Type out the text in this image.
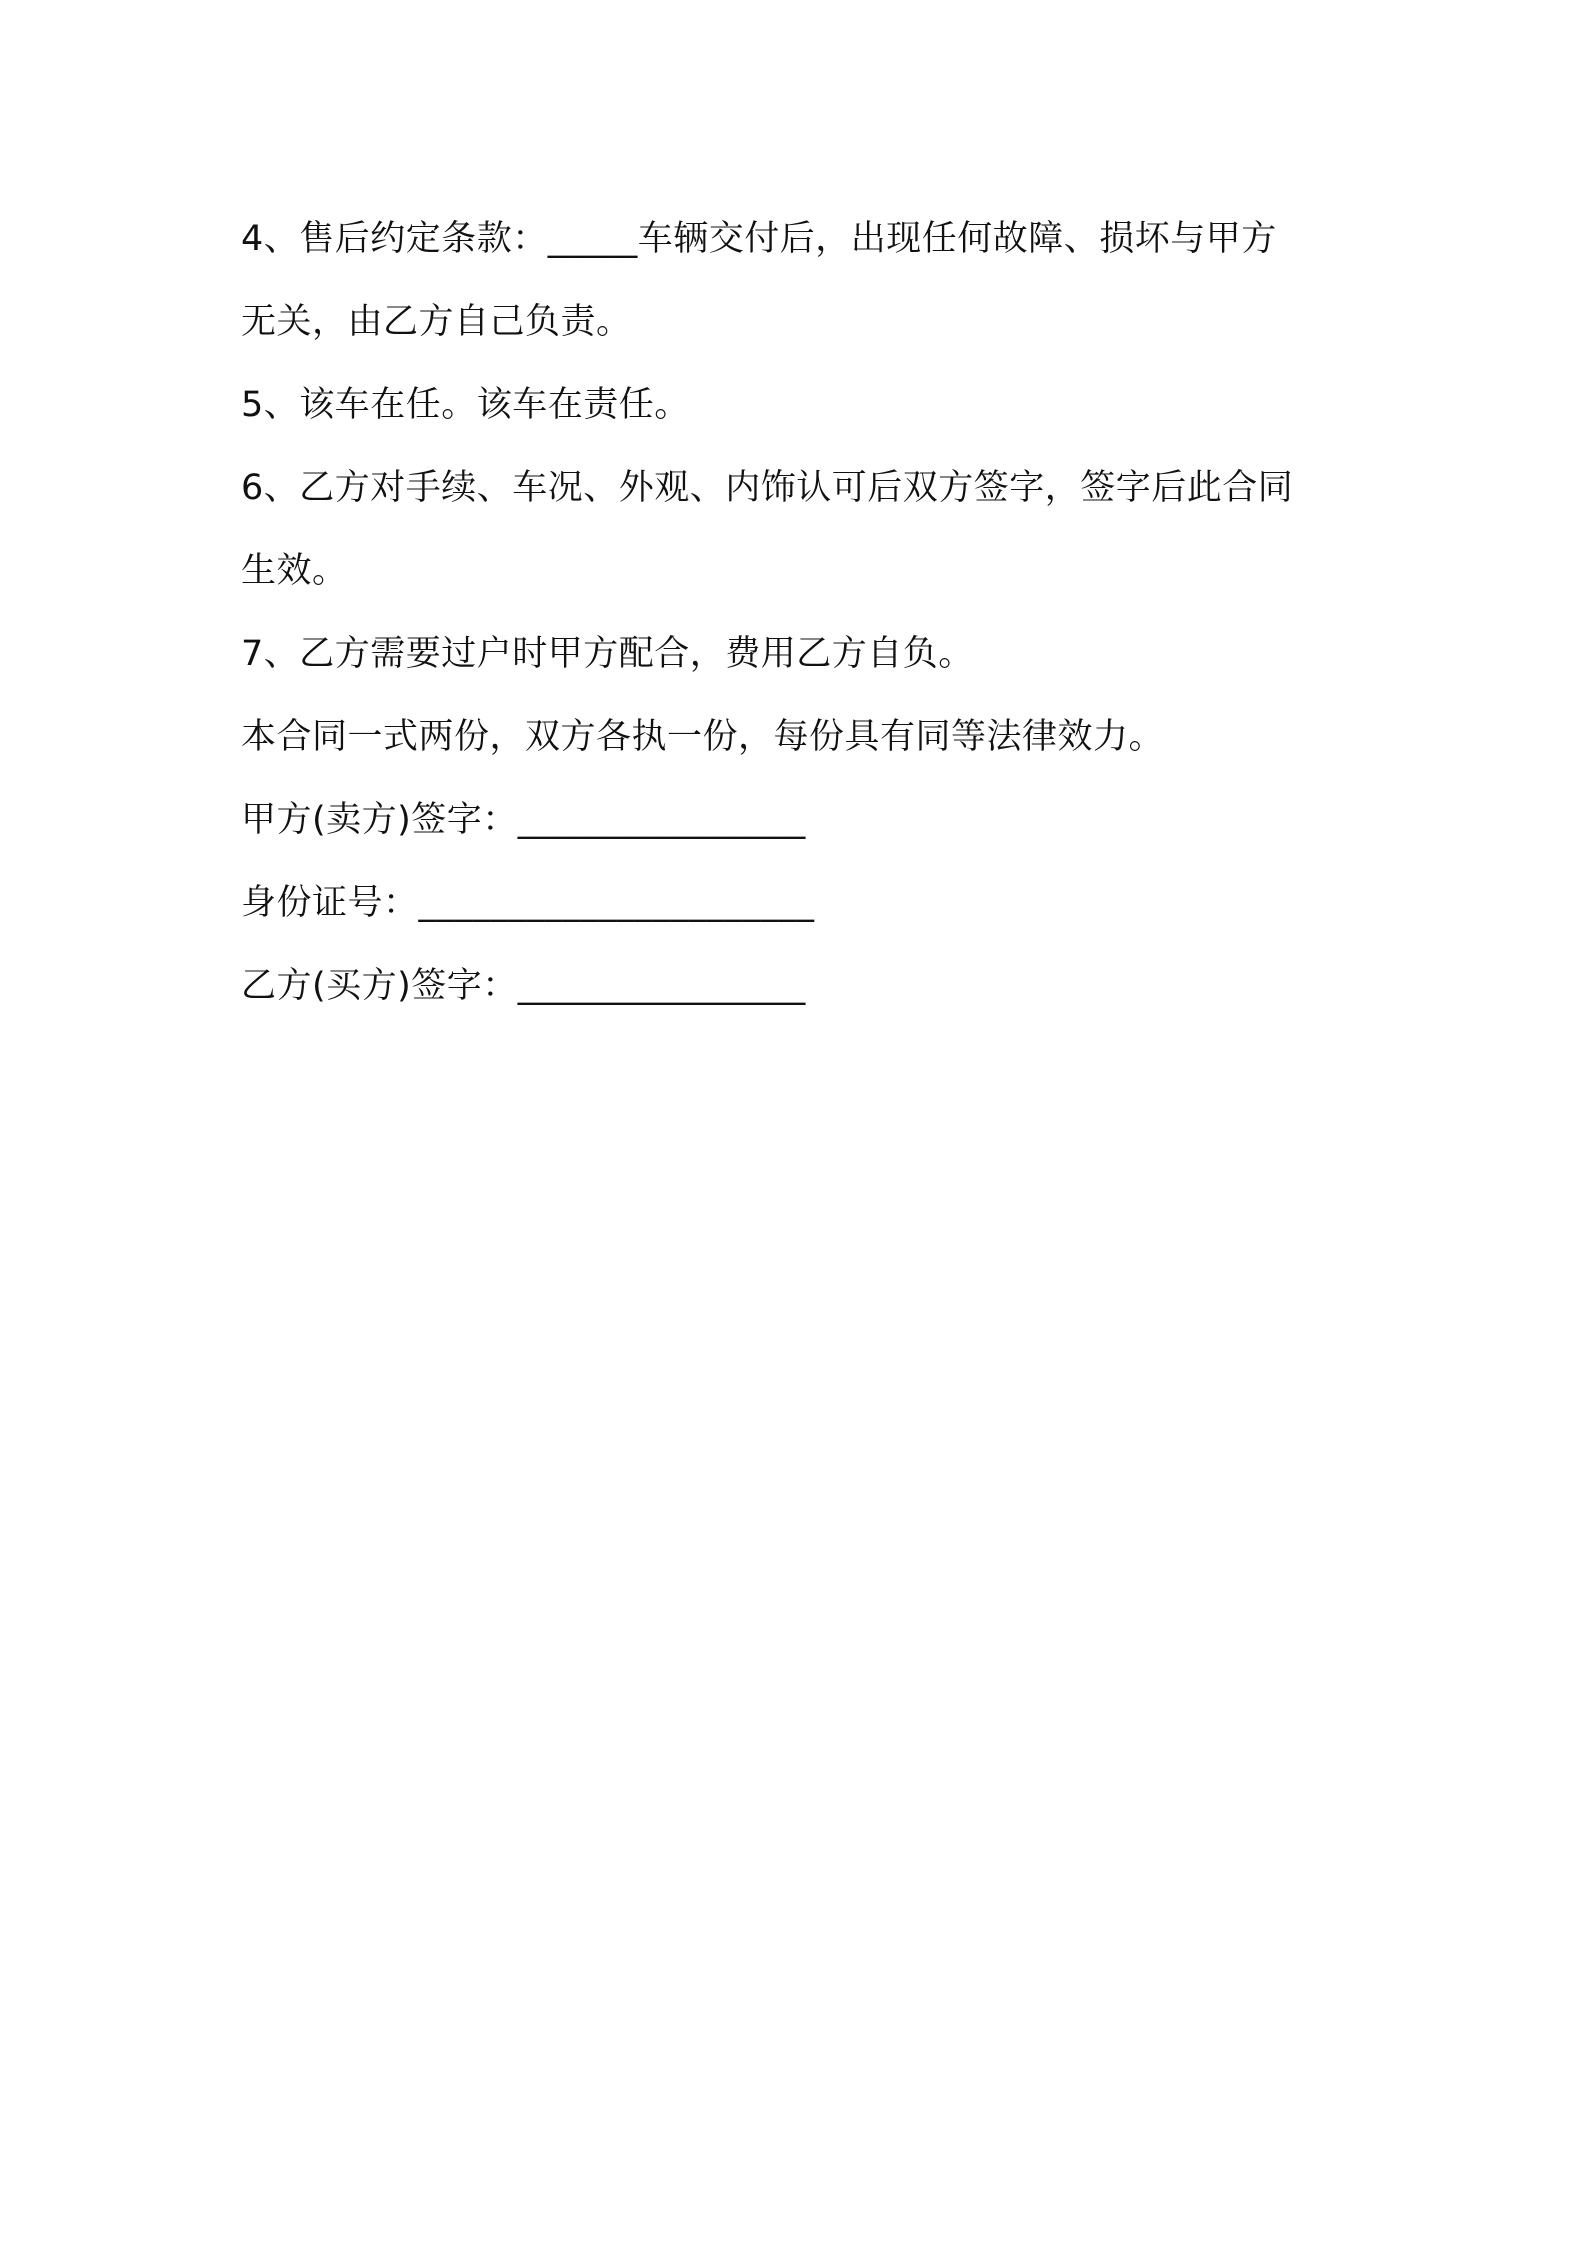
4、售后约定条款：_____车辆交付后，出现任何故障、损坏与甲方
无关，由乙方自己负责。
5、该车在任。该车在责任。
6、乙方对手续、车况、外观、内饰认可后双方签字，签字后此合同
生效。
7、乙方需要过户时甲方配合，费用乙方自负。
本合同一式两份，双方各执一份，每份具有同等法律效力。
甲方(卖方)签字：________________
身份证号：______________________
乙方(买方)签字：________________
